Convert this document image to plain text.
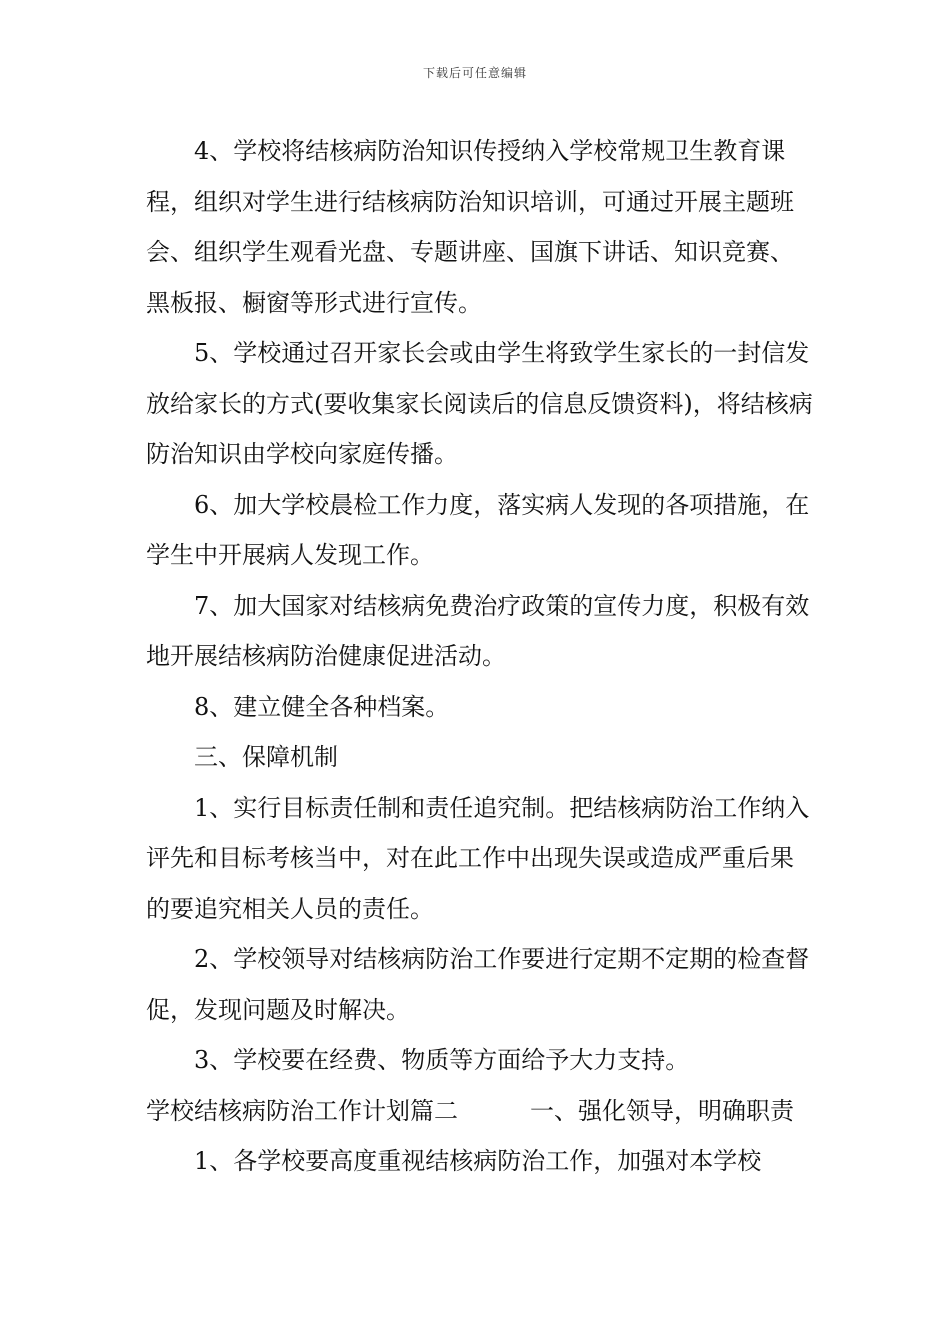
下载后可任意编辑

4、学校将结核病防治知识传授纳入学校常规卫生教育课程，组织对学生进行结核病防治知识培训，可通过开展主题班会、组织学生观看光盘、专题讲座、国旗下讲话、知识竞赛、黑板报、橱窗等形式进行宣传。

5、学校通过召开家长会或由学生将致学生家长的一封信发放给家长的方式(要收集家长阅读后的信息反馈资料)，将结核病防治知识由学校向家庭传播。

6、加大学校晨检工作力度，落实病人发现的各项措施，在学生中开展病人发现工作。

7、加大国家对结核病免费治疗政策的宣传力度，积极有效地开展结核病防治健康促进活动。

8、建立健全各种档案。

三、保障机制

1、实行目标责任制和责任追究制。把结核病防治工作纳入评先和目标考核当中，对在此工作中出现失误或造成严重后果的要追究相关人员的责任。

2、学校领导对结核病防治工作要进行定期不定期的检查督促，发现问题及时解决。

3、学校要在经费、物质等方面给予大力支持。

学校结核病防治工作计划篇二　　　一、强化领导，明确职责

1、各学校要高度重视结核病防治工作，加强对本学校
